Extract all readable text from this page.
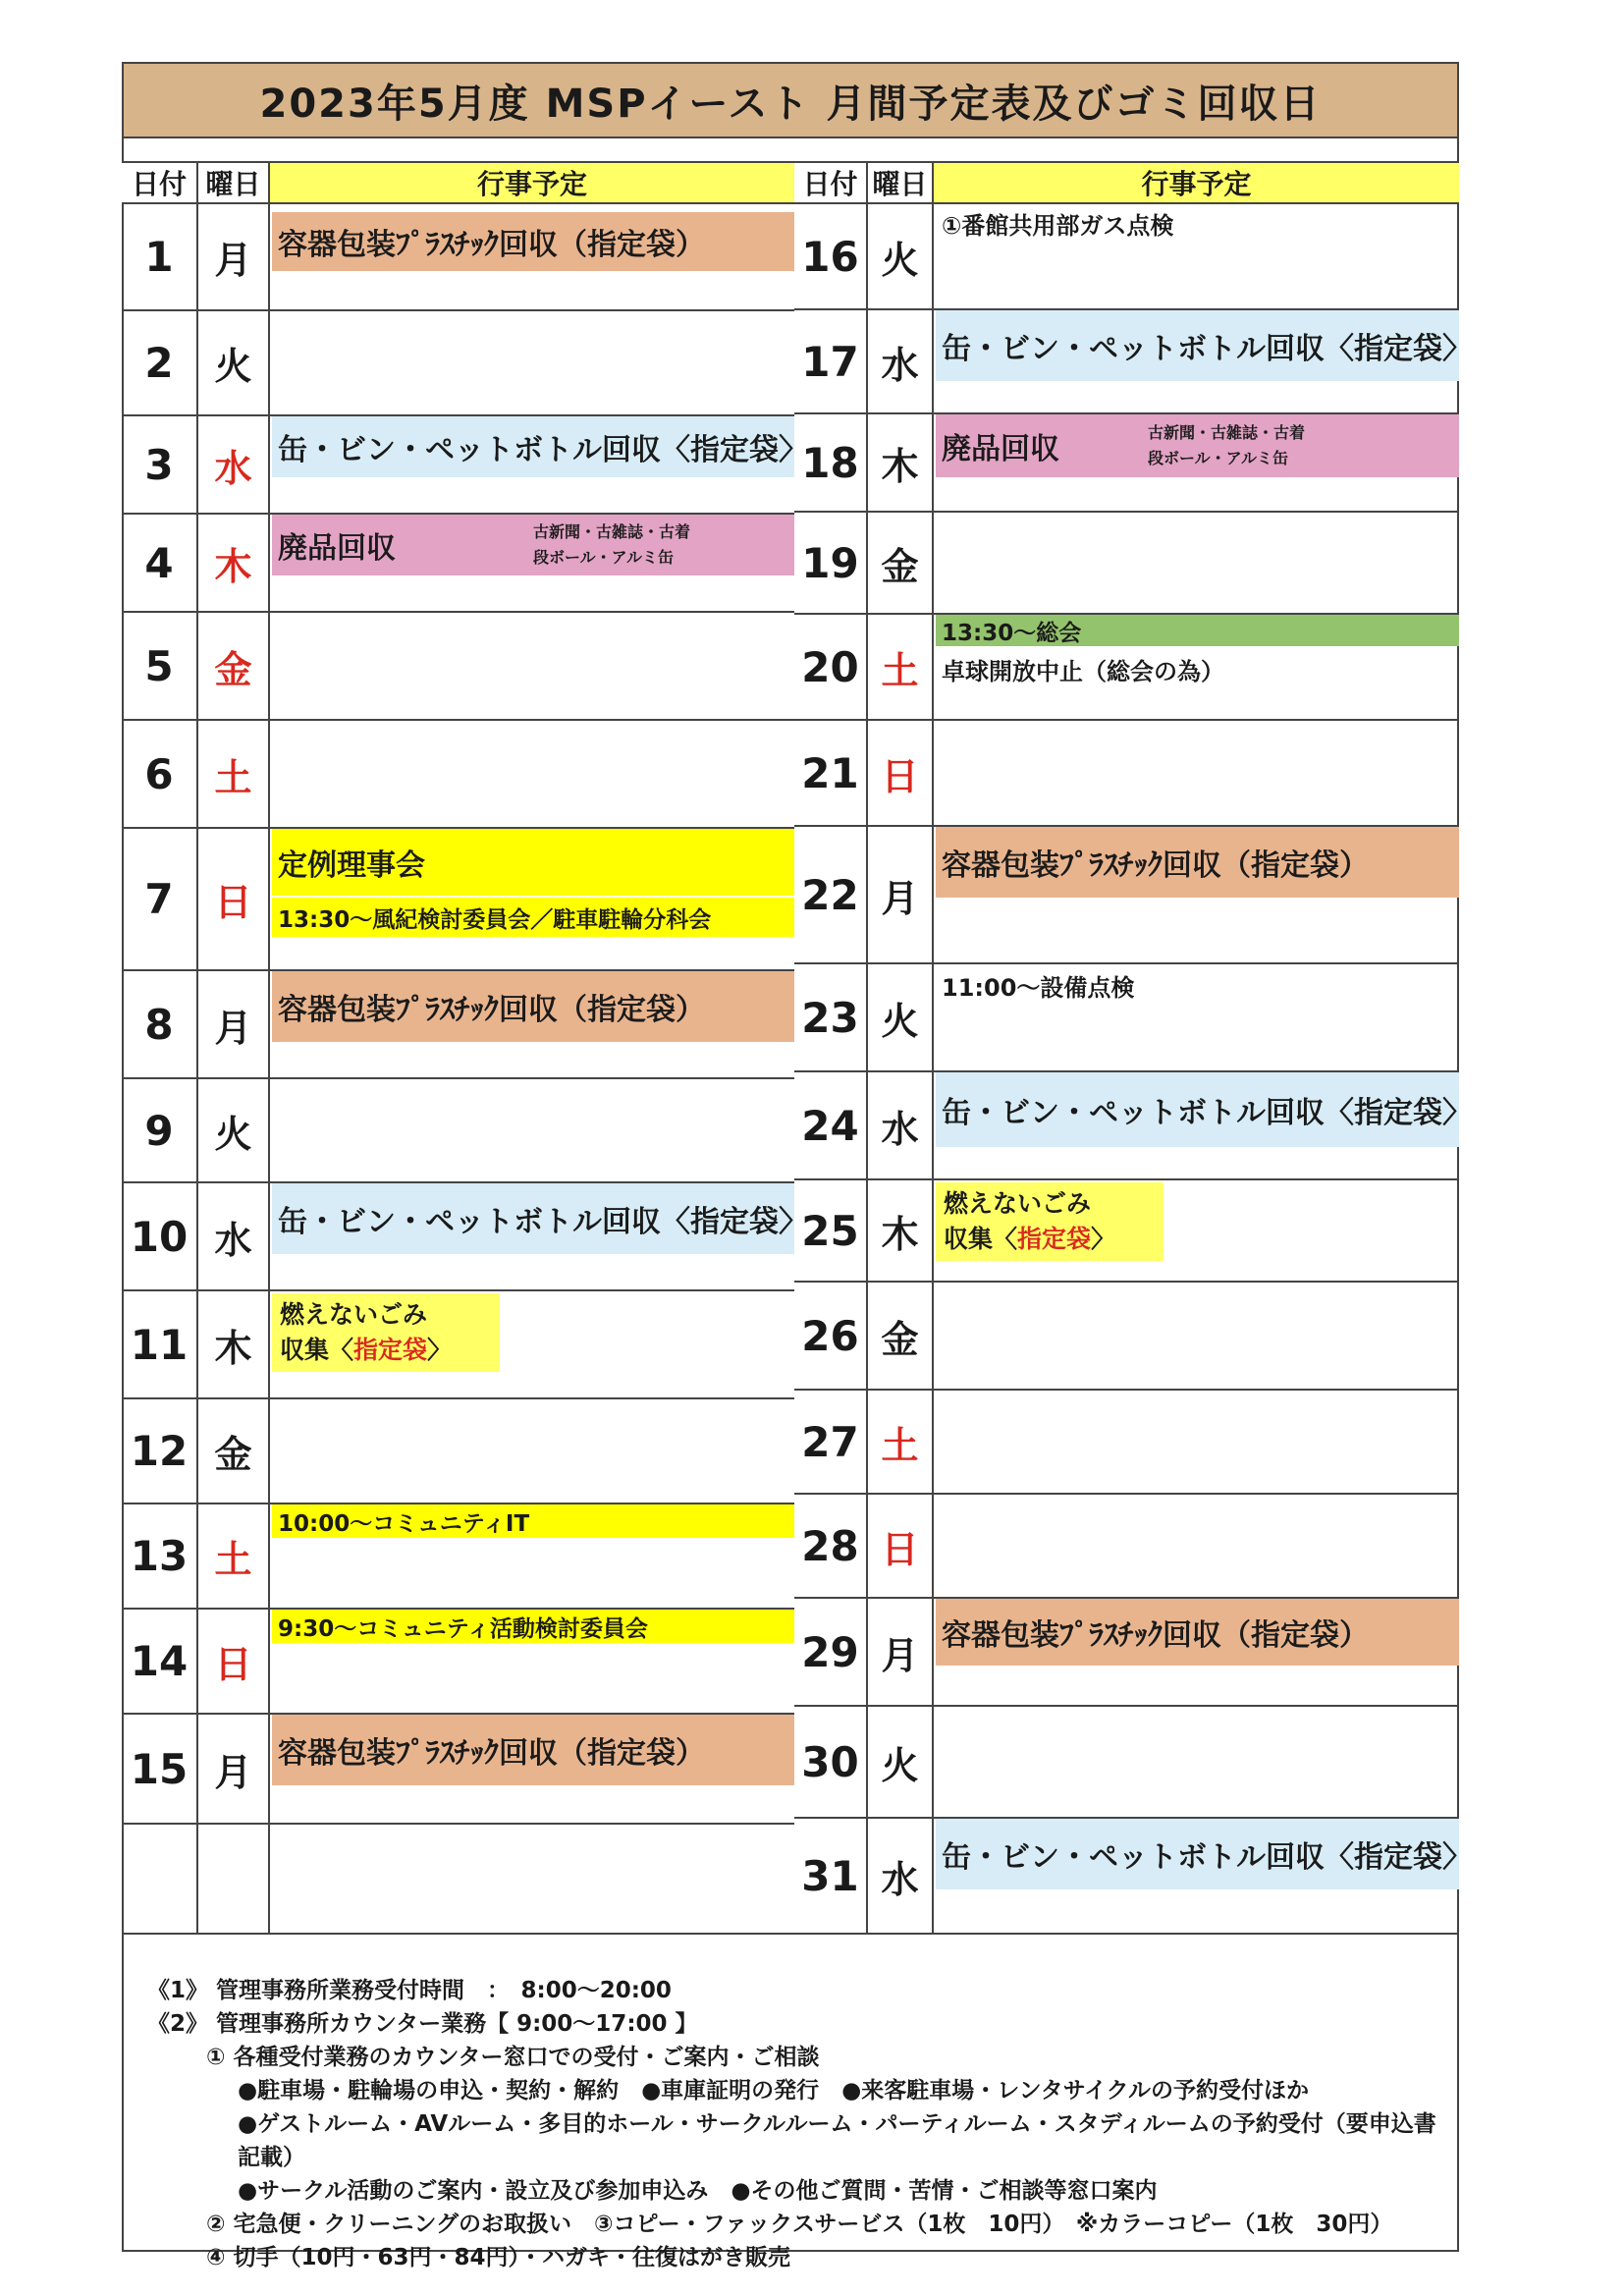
2023年5月度 MSPイースト 月間予定表及びゴミ回収日
日付 曜日	行事予定
1	月 容器包装ﾌﾟﾗｽﾁｯｸ回収（指定袋）
2	火
3	水 缶・ビン・ペットボトル回収〈指定袋〉
4	木 廃品回収	古新聞・古雑誌・古着
段ボール・アルミ缶
5	金
6	土
7	日
定例理事会
13:30～風紀検討委員会／駐車駐輪分科会
8	月 容器包装ﾌﾟﾗｽﾁｯｸ回収（指定袋）
9	火
10 水 缶・ビン・ペットボトル回収〈指定袋〉
11 木
燃えないごみ
収集〈指定袋〉
12 金
13 土
10:00～コミュニティIT
14 日
9:30～コミュニティ活動検討委員会
15 月 容器包装ﾌﾟﾗｽﾁｯｸ回収（指定袋）
日付 曜日	行事予定
16 火
①番館共用部ガス点検
17 水 缶・ビン・ペットボトル回収〈指定袋〉
18 木 廃品回収	古新聞・古雑誌・古着
段ボール・アルミ缶
19 金
20 土
13:30～総会
卓球開放中止（総会の為）
21 日
22 月
容器包装ﾌﾟﾗｽﾁｯｸ回収（指定袋）
23 火
11:00～設備点検
24 水 缶・ビン・ペットボトル回収〈指定袋〉
25 木
燃えないごみ
収集〈指定袋〉
26 金
27 土
28 日
29 月 容器包装ﾌﾟﾗｽﾁｯｸ回収（指定袋）
30 火
31 水 缶・ビン・ペットボトル回収〈指定袋〉
《1》 管理事務所業務受付時間　：　8:00～20:00
《2》 管理事務所カウンター業務【 9:00～17:00 】
① 各種受付業務のカウンター窓口での受付・ご案内・ご相談
●駐車場・駐輪場の申込・契約・解約　●車庫証明の発行　●来客駐車場・レンタサイクルの予約受付ほか
●ゲストルーム・AVルーム・多目的ホール・サークルルーム・パーティルーム・スタディルームの予約受付（要申込書記載）
●サークル活動のご案内・設立及び参加申込み　●その他ご質問・苦情・ご相談等窓口案内
② 宅急便・クリーニングのお取扱い　③コピー・ファックスサービス（1枚　10円）　※カラーコピー（1枚　30円）
④ 切手（10円・63円・84円）・ハガキ・往復はがき販売
